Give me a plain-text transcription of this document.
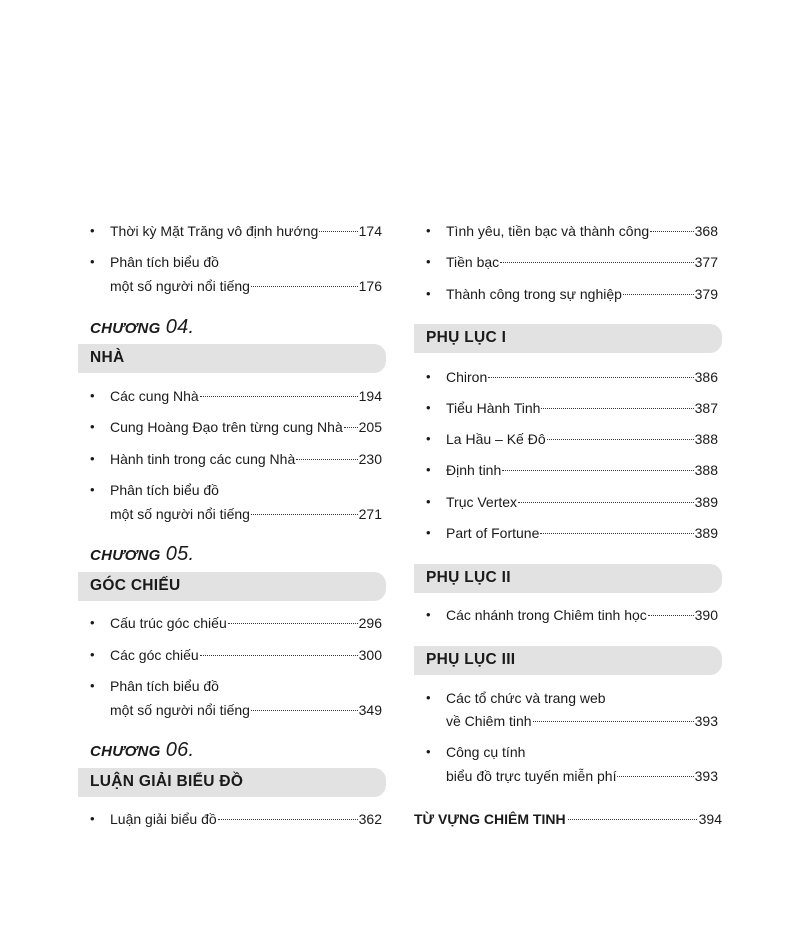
• Thời kỳ Mặt Trăng vô định hướng	174
• Phân tích biểu đồ
một số người nổi tiếng	176
CHƯƠNG 04.
NHÀ
• Các cung Nhà	194
• Cung Hoàng Đạo trên từng cung Nhà 205
• Hành tinh trong các cung Nhà	230
• Phân tích biểu đồ
một số người nổi tiếng	271
CHƯƠNG 05.
GÓC CHIẾU
• Cấu trúc góc chiếu	296
• Các góc chiếu	300
• Phân tích biểu đồ
một số người nổi tiếng	349
CHƯƠNG 06.
LUẬN GIẢI BIỂU ĐỒ
• Luận giải biểu đồ	362
• Tình yêu, tiền bạc và thành công	368
• Tiền bạc	377
• Thành công trong sự nghiệp	379
PHỤ LỤC I
• Chiron	386
• Tiểu Hành Tinh	387
• La Hầu – Kế Đô	388
• Định tinh	388
• Trục Vertex	389
• Part of Fortune	389
PHỤ LỤC II
• Các nhánh trong Chiêm tinh học	390
PHỤ LỤC III
• Các tổ chức và trang web
về Chiêm tinh	393
• Công cụ tính
biểu đồ trực tuyến miễn phí	393
TỪ VỰNG CHIÊM TINH	394
